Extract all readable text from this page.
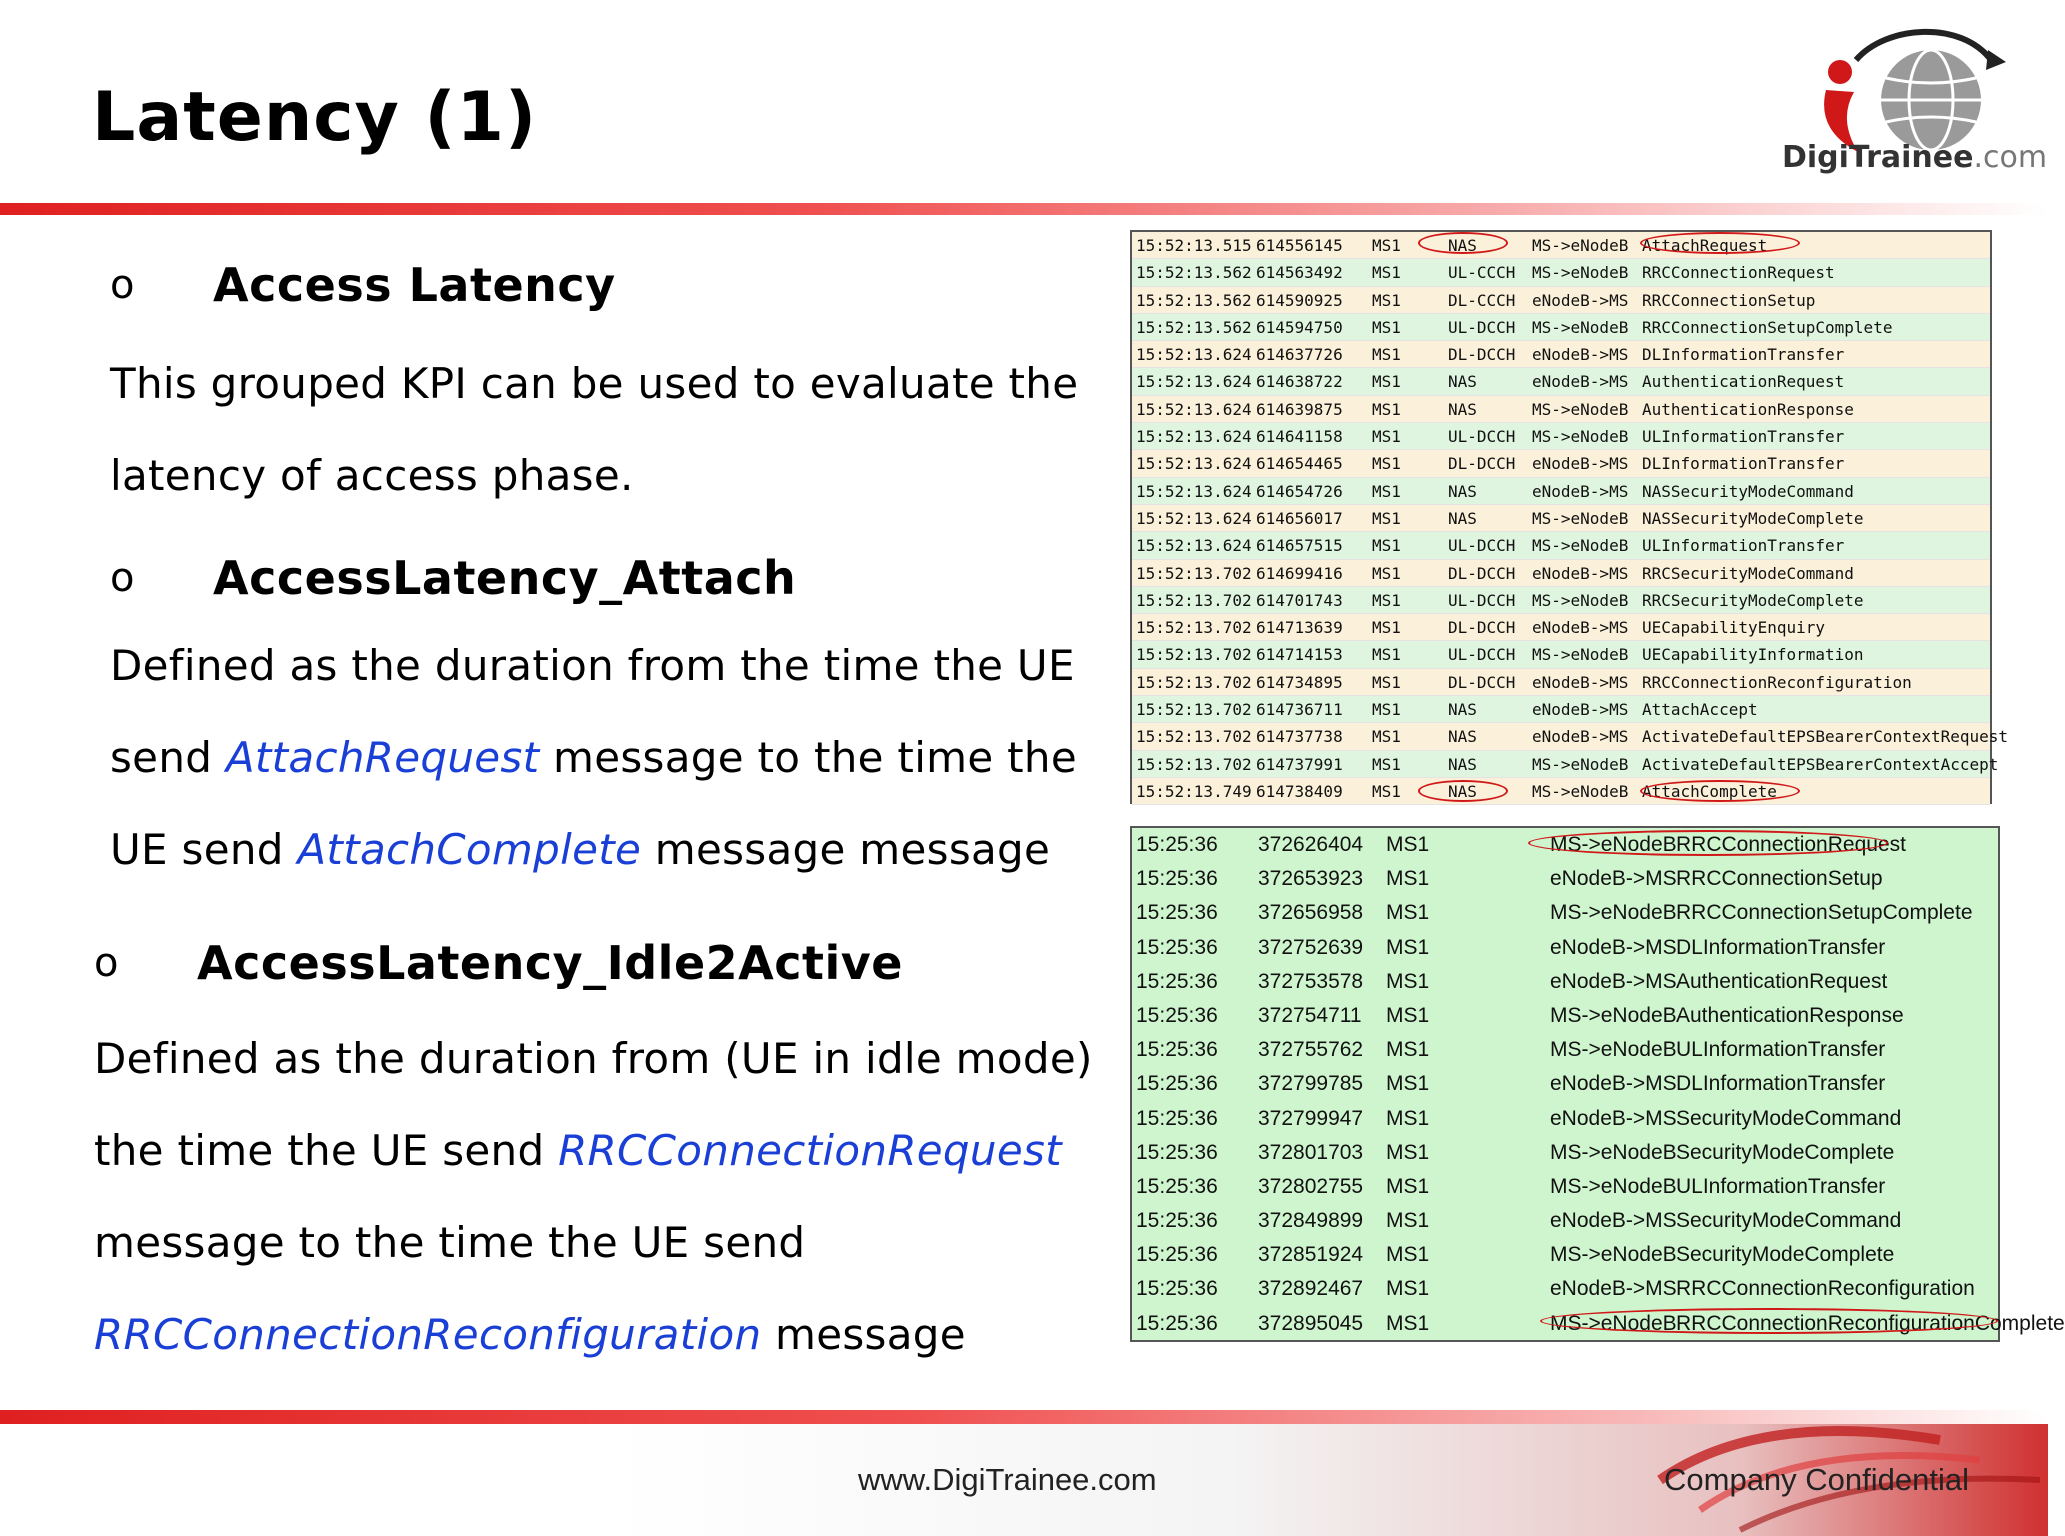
Latency (1)
DigiTrainee.com
o Access Latency
This grouped KPI can be used to evaluate the
latency of access phase.
o AccessLatency_Attach
Defined as the duration from the time the UE
send AttachRequest message to the time the
UE send AttachComplete message message
o AccessLatency_Idle2Active
Defined as the duration from (UE in idle mode)
the time the UE send RRCConnectionRequest
message to the time the UE send
RRCConnectionReconfiguration message
15:52:13.515 614556145 MS1	NAS	MS->eNodeB AttachRequest
15:52:13.562 614563492 MS1	UL-CCCH MS->eNodeB RRCConnectionRequest
15:52:13.562 614590925 MS1	DL-CCCH eNodeB->MS RRCConnectionSetup
15:52:13.562 614594750 MS1	UL-DCCH MS->eNodeB RRCConnectionSetupComplete
15:52:13.624 614637726 MS1	DL-DCCH eNodeB->MS DLInformationTransfer
15:52:13.624 614638722 MS1	NAS	eNodeB->MS AuthenticationRequest
15:52:13.624 614639875 MS1	NAS	MS->eNodeB AuthenticationResponse
15:52:13.624 614641158 MS1	UL-DCCH MS->eNodeB ULInformationTransfer
15:52:13.624 614654465 MS1	DL-DCCH eNodeB->MS DLInformationTransfer
15:52:13.624 614654726 MS1	NAS	eNodeB->MS NASSecurityModeCommand
15:52:13.624 614656017 MS1	NAS	MS->eNodeB NASSecurityModeComplete
15:52:13.624 614657515 MS1	UL-DCCH MS->eNodeB ULInformationTransfer
15:52:13.702 614699416 MS1	DL-DCCH eNodeB->MS RRCSecurityModeCommand
15:52:13.702 614701743 MS1	UL-DCCH MS->eNodeB RRCSecurityModeComplete
15:52:13.702 614713639 MS1	DL-DCCH eNodeB->MS UECapabilityEnquiry
15:52:13.702 614714153 MS1	UL-DCCH MS->eNodeB UECapabilityInformation
15:52:13.702 614734895 MS1	DL-DCCH eNodeB->MS RRCConnectionReconfiguration
15:52:13.702 614736711 MS1	NAS	eNodeB->MS AttachAccept
15:52:13.702 614737738 MS1	NAS	eNodeB->MS ActivateDefaultEPSBearerContextRequest
15:52:13.702 614737991 MS1	NAS	MS->eNodeB ActivateDefaultEPSBearerContextAccept
15:52:13.749 614738409 MS1	NAS	MS->eNodeB AttachComplete
15:25:36 372626404 MS1	MS->eNodeB RRCConnectionRequest
15:25:36 372653923 MS1	eNodeB->MS RRCConnectionSetup
15:25:36 372656958 MS1	MS->eNodeB RRCConnectionSetupComplete
15:25:36 372752639 MS1	eNodeB->MS DLInformationTransfer
15:25:36 372753578 MS1	eNodeB->MS AuthenticationRequest
15:25:36 372754711 MS1	MS->eNodeB AuthenticationResponse
15:25:36 372755762 MS1	MS->eNodeB ULInformationTransfer
15:25:36 372799785 MS1	eNodeB->MS DLInformationTransfer
15:25:36 372799947 MS1	eNodeB->MS SecurityModeCommand
15:25:36 372801703 MS1	MS->eNodeB SecurityModeComplete
15:25:36 372802755 MS1	MS->eNodeB ULInformationTransfer
15:25:36 372849899 MS1	eNodeB->MS SecurityModeCommand
15:25:36 372851924 MS1	MS->eNodeB SecurityModeComplete
15:25:36 372892467 MS1	eNodeB->MS RRCConnectionReconfiguration
15:25:36 372895045 MS1	MS->eNodeB RRCConnectionReconfigurationComplete
www.DigiTrainee.com	Company Confidential
